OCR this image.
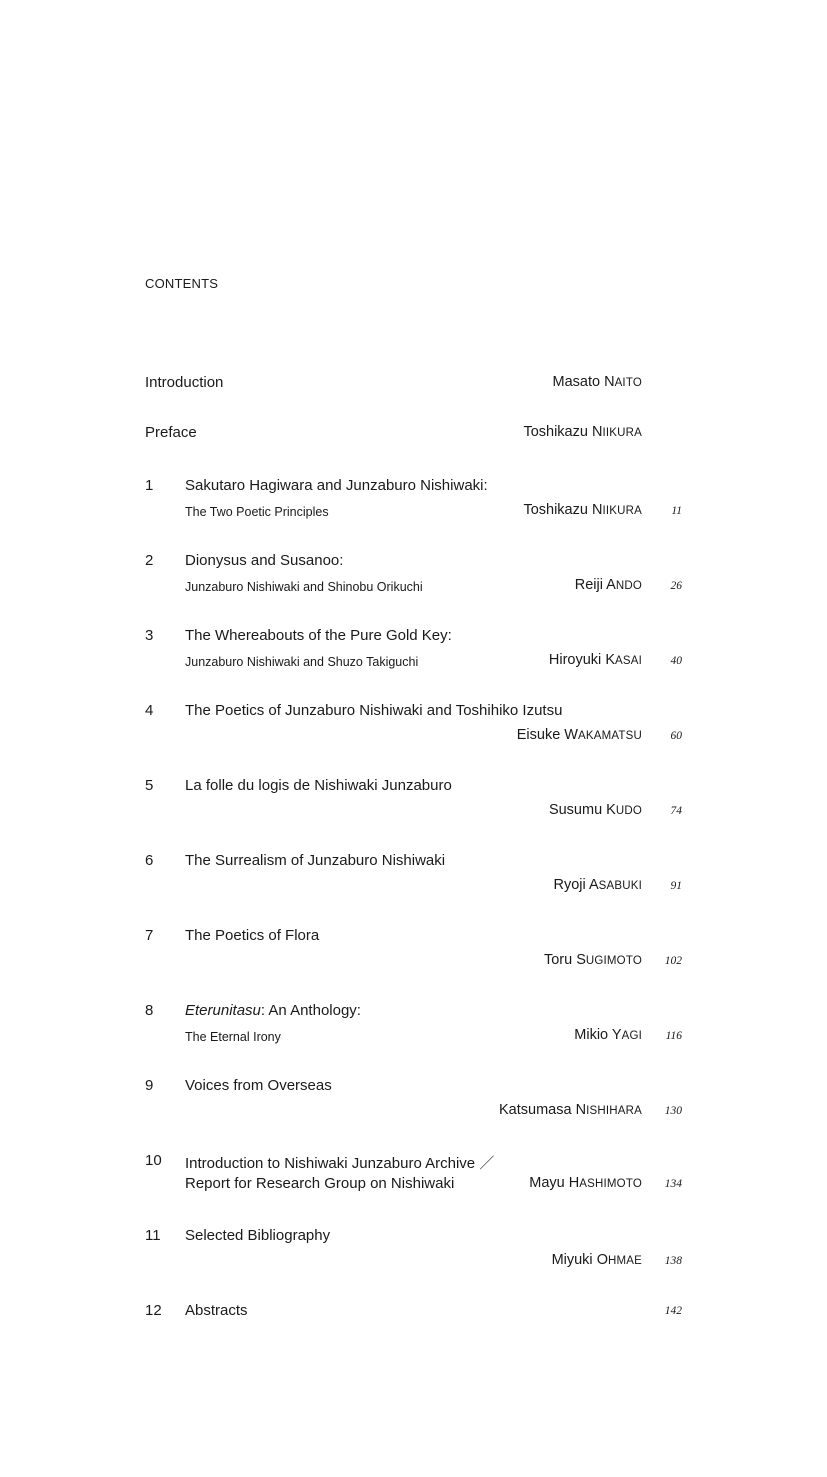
CONTENTS
Introduction	Masato NAITO
Preface	Toshikazu NIIKURA
1 Sakutaro Hagiwara and Junzaburo Nishiwaki:
The Two Poetic Principles	Toshikazu NIIKURA	11
2 Dionysus and Susanoo:
Junzaburo Nishiwaki and Shinobu Orikuchi	Reiji ANDO	26
3 The Whereabouts of the Pure Gold Key:
Junzaburo Nishiwaki and Shuzo Takiguchi	Hiroyuki KASAI	40
4 The Poetics of Junzaburo Nishiwaki and Toshihiko Izutsu
Eisuke WAKAMATSU	60
5 La folle du logis de Nishiwaki Junzaburo
Susumu KUDO	74
6 The Surrealism of Junzaburo Nishiwaki
Ryoji ASABUKI	91
7 The Poetics of Flora
Toru SUGIMOTO	102
8 Eterunitasu: An Anthology:
The Eternal Irony	Mikio YAGI	116
9 Voices from Overseas
Katsumasa NISHIHARA	130
10 Introduction to Nishiwaki Junzaburo Archive ／
Report for Research Group on Nishiwaki	Mayu HASHIMOTO	134
11 Selected Bibliography
Miyuki OHMAE	138
12 Abstracts	142
